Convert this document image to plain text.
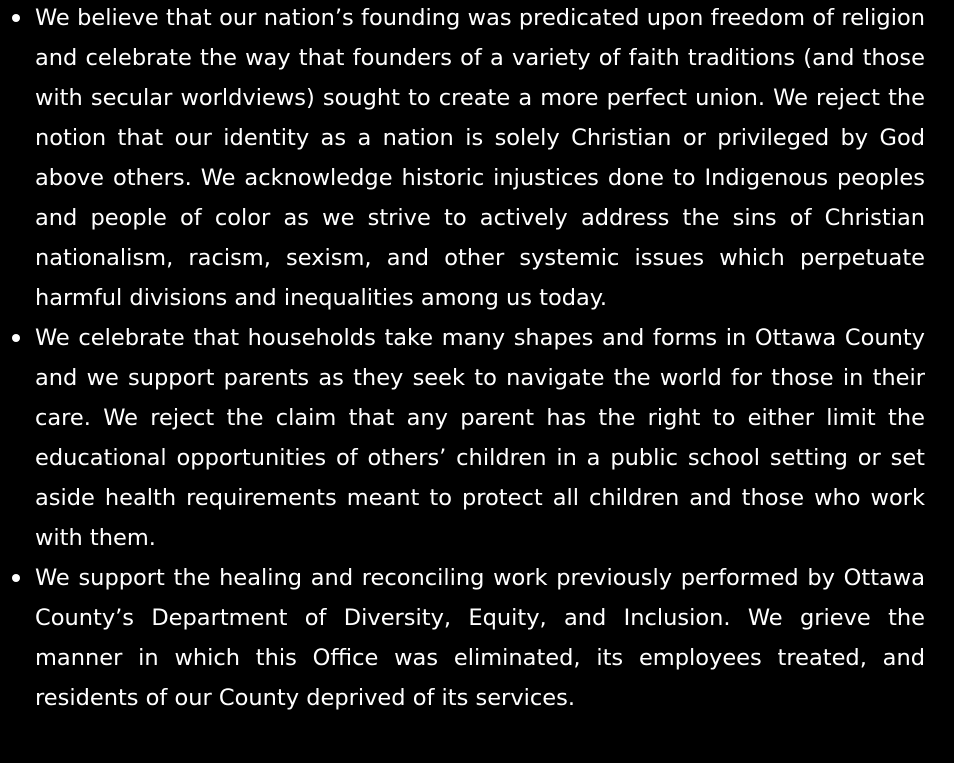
We believe that our nation’s founding was predicated upon freedom of religion and celebrate the way that founders of a variety of faith traditions (and those with secular worldviews) sought to create a more perfect union. We reject the notion that our identity as a nation is solely Christian or privileged by God above others. We acknowledge historic injustices done to Indigenous peoples and people of color as we strive to actively address the sins of Christian nationalism, racism, sexism, and other systemic issues which perpetuate harmful divisions and inequalities among us today.
We celebrate that households take many shapes and forms in Ottawa County and we support parents as they seek to navigate the world for those in their care. We reject the claim that any parent has the right to either limit the educational opportunities of others’ children in a public school setting or set aside health requirements meant to protect all children and those who work with them.
We support the healing and reconciling work previously performed by Ottawa County’s Department of Diversity, Equity, and Inclusion. We grieve the manner in which this Office was eliminated, its employees treated, and residents of our County deprived of its services.
